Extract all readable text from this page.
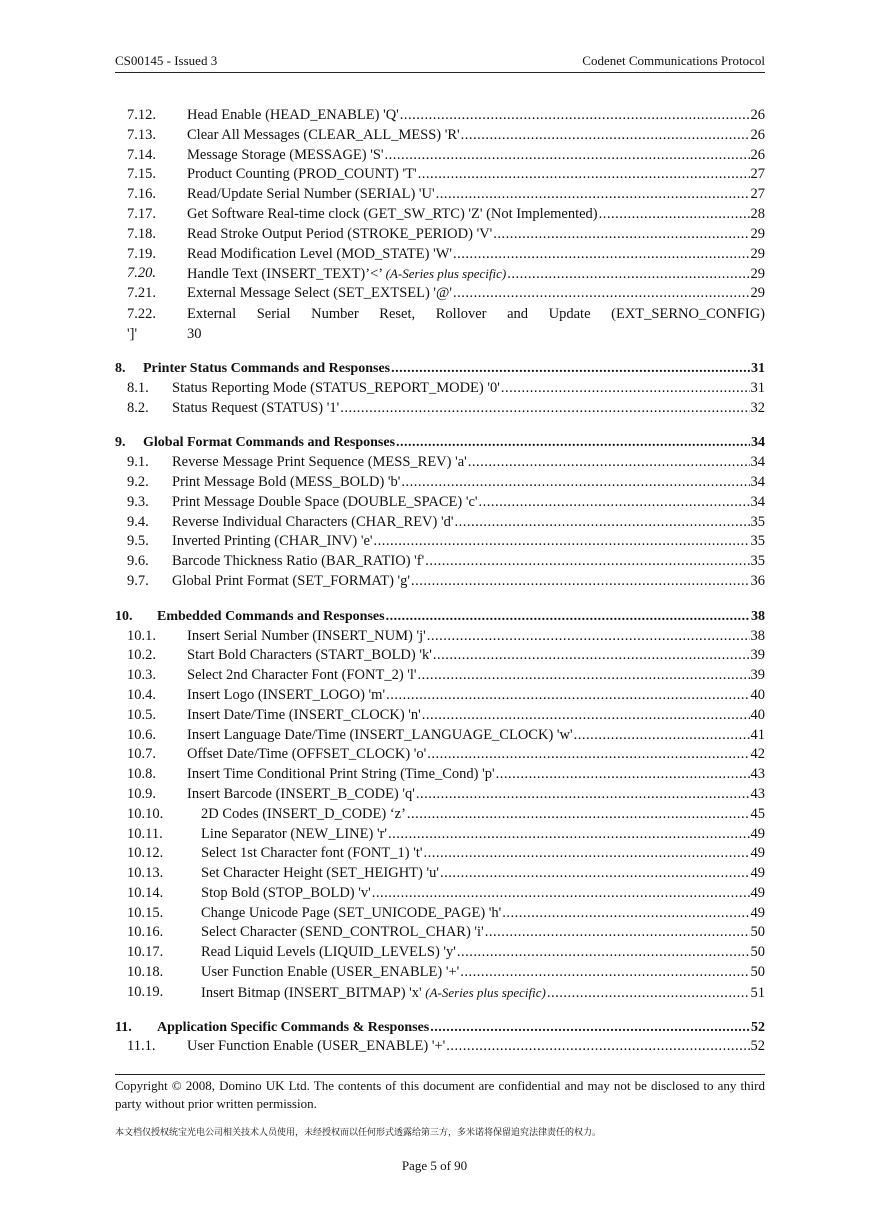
CS00145 - Issued 3	Codenet Communications Protocol
7.12. Head Enable (HEAD_ENABLE) 'Q' .....	26
7.13. Clear All Messages (CLEAR_ALL_MESS) 'R' .....	26
7.14. Message Storage (MESSAGE) 'S' .....	26
7.15. Product Counting (PROD_COUNT) 'T' .....	27
7.16. Read/Update Serial Number (SERIAL) 'U' .....	27
7.17. Get Software Real-time clock (GET_SW_RTC) 'Z' (Not Implemented) .....	28
7.18. Read Stroke Output Period (STROKE_PERIOD) 'V' .....	29
7.19. Read Modification Level (MOD_STATE) 'W' .....	29
7.20. Handle Text (INSERT_TEXT)’<’ (A-Series plus specific) .....	29
7.21. External Message Select (SET_EXTSEL) '@' .....	29
7.22. External Serial Number Reset, Rollover and Update (EXT_SERNO_CONFIG)
']'	30
8. Printer Status Commands and Responses .....	31
8.1. Status Reporting Mode (STATUS_REPORT_MODE) '0' .....	31
8.2. Status Request (STATUS) '1' .....	32
9. Global Format Commands and Responses .....	34
9.1. Reverse Message Print Sequence (MESS_REV) 'a' .....	34
9.2. Print Message Bold (MESS_BOLD) 'b' .....	34
9.3. Print Message Double Space (DOUBLE_SPACE) 'c' .....	34
9.4. Reverse Individual Characters (CHAR_REV) 'd' .....	35
9.5. Inverted Printing (CHAR_INV) 'e' .....	35
9.6. Barcode Thickness Ratio (BAR_RATIO) 'f' .....	35
9.7. Global Print Format (SET_FORMAT) 'g' .....	36
10. Embedded Commands and Responses .....	38
10.1. Insert Serial Number (INSERT_NUM) 'j' .....	38
10.2. Start Bold Characters (START_BOLD) 'k' .....	39
10.3. Select 2nd Character Font (FONT_2) 'l' .....	39
10.4. Insert Logo (INSERT_LOGO) 'm' .....	40
10.5. Insert Date/Time (INSERT_CLOCK) 'n' .....	40
10.6. Insert Language Date/Time (INSERT_LANGUAGE_CLOCK) 'w' .....	41
10.7. Offset Date/Time (OFFSET_CLOCK) 'o' .....	42
10.8. Insert Time Conditional Print String (Time_Cond) 'p' .....	43
10.9. Insert Barcode (INSERT_B_CODE) 'q' .....	43
10.10.	2D Codes (INSERT_D_CODE) ‘z’ .....	45
10.11.	Line Separator (NEW_LINE) 'r' .....	49
10.12.	Select 1st Character font (FONT_1) 't' .....	49
10.13.	Set Character Height (SET_HEIGHT) 'u' .....	49
10.14.	Stop Bold (STOP_BOLD) 'v' .....	49
10.15.	Change Unicode Page (SET_UNICODE_PAGE) 'h' .....	49
10.16.	Select Character (SEND_CONTROL_CHAR) 'i' .....	50
10.17.	Read Liquid Levels (LIQUID_LEVELS) 'y' .....	50
10.18.	User Function Enable (USER_ENABLE) '+' .....	50
10.19.	Insert Bitmap (INSERT_BITMAP) 'x' (A-Series plus specific) .....	51
11. Application Specific Commands & Responses .....	52
11.1. User Function Enable (USER_ENABLE) '+' .....	52
Copyright © 2008, Domino UK Ltd. The contents of this document are confidential and may not be disclosed to any third party without prior written permission.
本文档仅授权统宝光电公司相关技术人员使用，未经授权而以任何形式透露给第三方，多米诺将保留追究法律责任的权力。
Page 5 of 90
